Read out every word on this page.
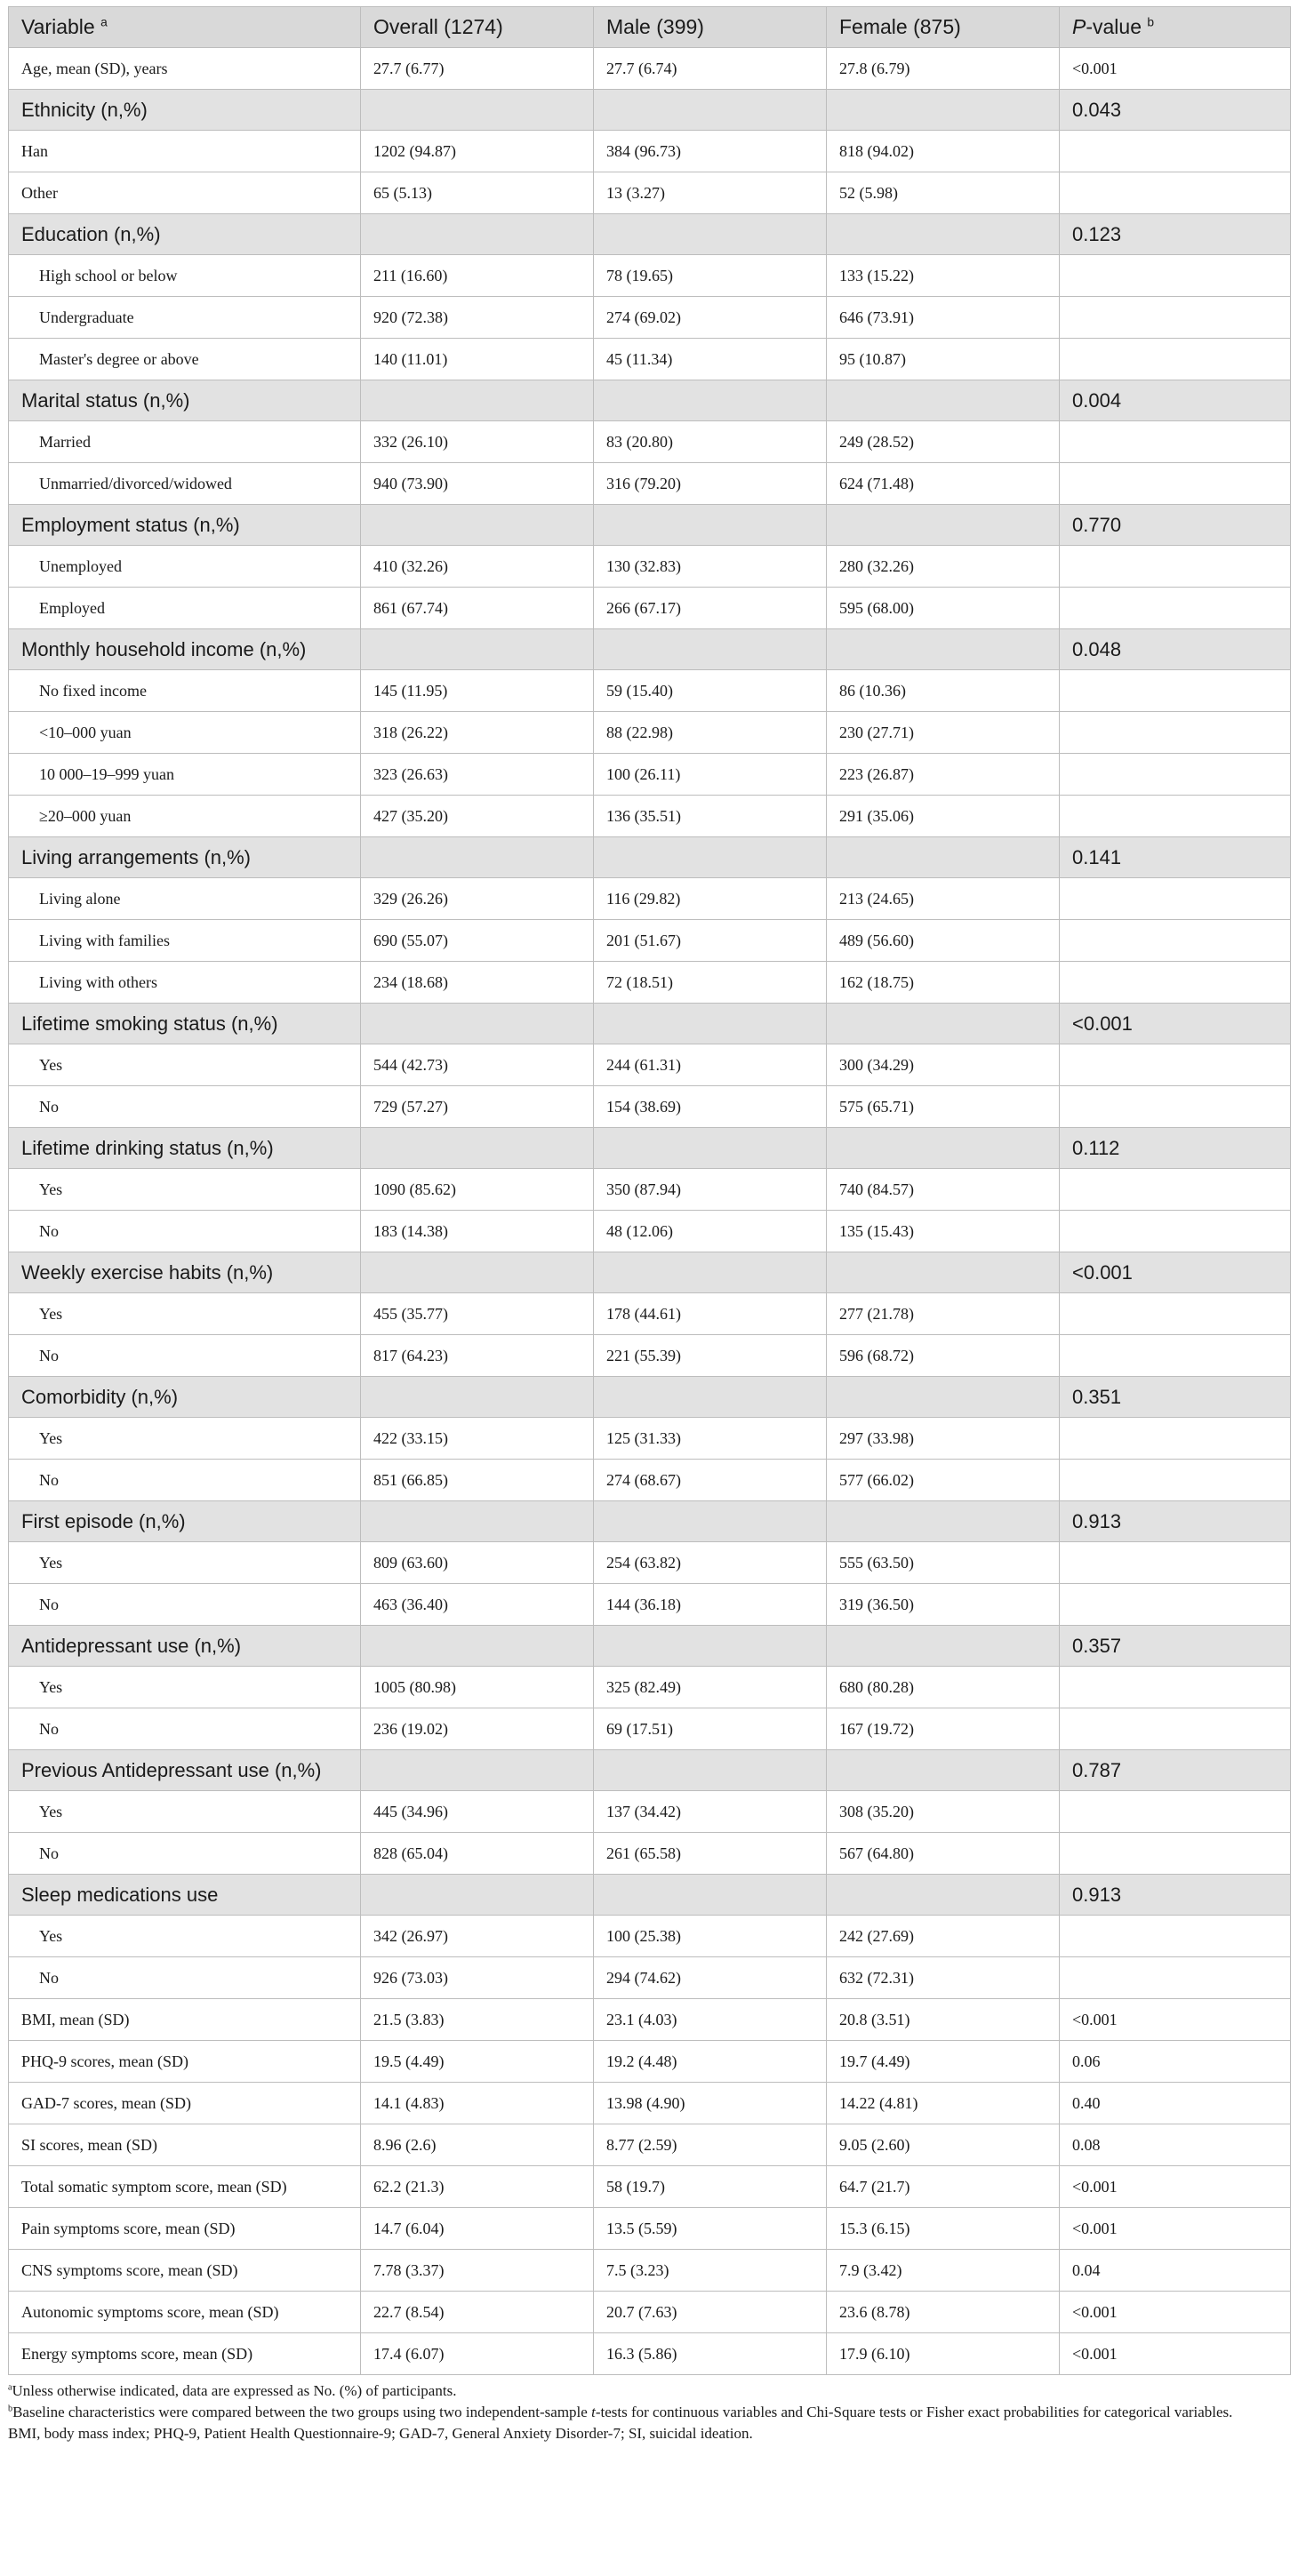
Variable $^a$	Overall (1274)	Male (399)	Female (875)	P-value $^b$
Age, mean (SD), years	27.7 (6.77)	27.7 (6.74)	27.8 (6.79)	<0.001
Ethnicity (n,%)				0.043
Han	1202 (94.87)	384 (96.73)	818 (94.02)	
Other	65 (5.13)	13 (3.27)	52 (5.98)	
Education (n,%)				0.123
High school or below	211 (16.60)	78 (19.65)	133 (15.22)	
Undergraduate	920 (72.38)	274 (69.02)	646 (73.91)	
Master's degree or above	140 (11.01)	45 (11.34)	95 (10.87)	
Marital status (n,%)				0.004
Married	332 (26.10)	83 (20.80)	249 (28.52)	
Unmarried/divorced/widowed	940 (73.90)	316 (79.20)	624 (71.48)	
Employment status (n,%)				0.770
Unemployed	410 (32.26)	130 (32.83)	280 (32.26)	
Employed	861 (67.74)	266 (67.17)	595 (68.00)	
Monthly household income (n,%)				0.048
No fixed income	145 (11.95)	59 (15.40)	86 (10.36)	
<10–000 yuan	318 (26.22)	88 (22.98)	230 (27.71)	
10 000–19–999 yuan	323 (26.63)	100 (26.11)	223 (26.87)	
≥20–000 yuan	427 (35.20)	136 (35.51)	291 (35.06)	
Living arrangements (n,%)				0.141
Living alone	329 (26.26)	116 (29.82)	213 (24.65)	
Living with families	690 (55.07)	201 (51.67)	489 (56.60)	
Living with others	234 (18.68)	72 (18.51)	162 (18.75)	
Lifetime smoking status (n,%)				<0.001
Yes	544 (42.73)	244 (61.31)	300 (34.29)	
No	729 (57.27)	154 (38.69)	575 (65.71)	
Lifetime drinking status (n,%)				0.112
Yes	1090 (85.62)	350 (87.94)	740 (84.57)	
No	183 (14.38)	48 (12.06)	135 (15.43)	
Weekly exercise habits (n,%)				<0.001
Yes	455 (35.77)	178 (44.61)	277 (21.78)	
No	817 (64.23)	221 (55.39)	596 (68.72)	
Comorbidity (n,%)				0.351
Yes	422 (33.15)	125 (31.33)	297 (33.98)	
No	851 (66.85)	274 (68.67)	577 (66.02)	
First episode (n,%)				0.913
Yes	809 (63.60)	254 (63.82)	555 (63.50)	
No	463 (36.40)	144 (36.18)	319 (36.50)	
Antidepressant use (n,%)				0.357
Yes	1005 (80.98)	325 (82.49)	680 (80.28)	
No	236 (19.02)	69 (17.51)	167 (19.72)	
Previous Antidepressant use (n,%)				0.787
Yes	445 (34.96)	137 (34.42)	308 (35.20)	
No	828 (65.04)	261 (65.58)	567 (64.80)	
Sleep medications use				0.913
Yes	342 (26.97)	100 (25.38)	242 (27.69)	
No	926 (73.03)	294 (74.62)	632 (72.31)	
BMI, mean (SD)	21.5 (3.83)	23.1 (4.03)	20.8 (3.51)	<0.001
PHQ-9 scores, mean (SD)	19.5 (4.49)	19.2 (4.48)	19.7 (4.49)	0.06
GAD-7 scores, mean (SD)	14.1 (4.83)	13.98 (4.90)	14.22 (4.81)	0.40
SI scores, mean (SD)	8.96 (2.6)	8.77 (2.59)	9.05 (2.60)	0.08
Total somatic symptom score, mean (SD)	62.2 (21.3)	58 (19.7)	64.7 (21.7)	<0.001
Pain symptoms score, mean (SD)	14.7 (6.04)	13.5 (5.59)	15.3 (6.15)	<0.001
CNS symptoms score, mean (SD)	7.78 (3.37)	7.5 (3.23)	7.9 (3.42)	0.04
Autonomic symptoms score, mean (SD)	22.7 (8.54)	20.7 (7.63)	23.6 (8.78)	<0.001
Energy symptoms score, mean (SD)	17.4 (6.07)	16.3 (5.86)	17.9 (6.10)	<0.001

$^a$Unless otherwise indicated, data are expressed as No. (%) of participants.

$^b$Baseline characteristics were compared between the two groups using two independent-sample t-tests for continuous variables and Chi-Square tests or Fisher exact probabilities for categorical variables.

BMI, body mass index; PHQ-9, Patient Health Questionnaire-9; GAD-7, General Anxiety Disorder-7; SI, suicidal ideation.
